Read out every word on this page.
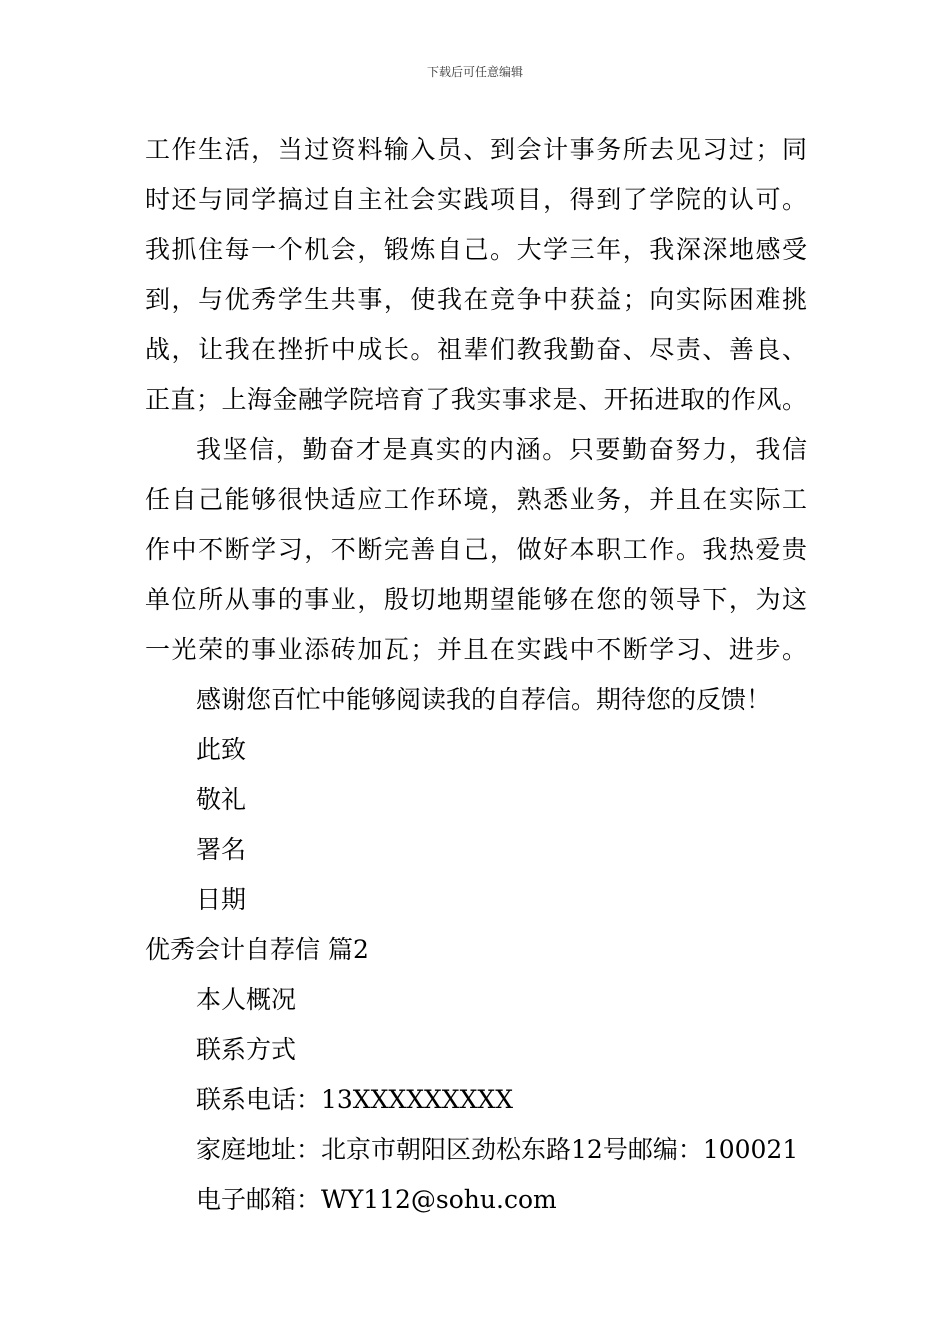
下载后可任意编辑
工作生活，当过资料输入员、到会计事务所去见习过；同
时还与同学搞过自主社会实践项目，得到了学院的认可。
我抓住每一个机会，锻炼自己。大学三年，我深深地感受
到，与优秀学生共事，使我在竞争中获益；向实际困难挑
战，让我在挫折中成长。祖辈们教我勤奋、尽责、善良、
正直；上海金融学院培育了我实事求是、开拓进取的作风。
我坚信，勤奋才是真实的内涵。只要勤奋努力，我信
任自己能够很快适应工作环境，熟悉业务，并且在实际工
作中不断学习，不断完善自己，做好本职工作。我热爱贵
单位所从事的事业，殷切地期望能够在您的领导下，为这
一光荣的事业添砖加瓦；并且在实践中不断学习、进步。
感谢您百忙中能够阅读我的自荐信。期待您的反馈！
此致
敬礼
署名
日期
优秀会计自荐信 篇2
本人概况
联系方式
联系电话：13XXXXXXXXX
家庭地址：北京市朝阳区劲松东路12号邮编：100021
电子邮箱：WY112@sohu.com
